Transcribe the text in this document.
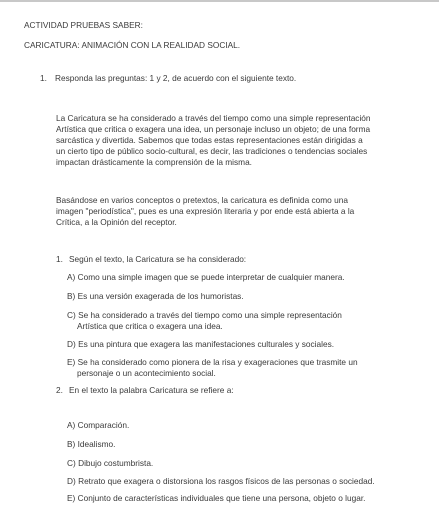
ACTIVIDAD PRUEBAS SABER:
CARICATURA: ANIMACIÓN CON LA REALIDAD SOCIAL.
1. Responda las preguntas: 1 y 2, de acuerdo con el siguiente texto.
La Caricatura se ha considerado a través del tiempo como una simple representación
Artística que critica o exagera una idea, un personaje incluso un objeto; de una forma
sarcástica y divertida. Sabemos que todas estas representaciones están dirigidas a
un cierto tipo de público socio-cultural, es decir, las tradiciones o tendencias sociales
impactan drásticamente la comprensión de la misma.
Basándose en varios conceptos o pretextos, la caricatura es definida como una
imagen "periodística", pues es una expresión literaria y por ende está abierta a la
Crítica, a la Opinión del receptor.
1. Según el texto, la Caricatura se ha considerado:
A) Como una simple imagen que se puede interpretar de cualquier manera.
B) Es una versión exagerada de los humoristas.
C) Se ha considerado a través del tiempo como una simple representación
Artística que critica o exagera una idea.
D) Es una pintura que exagera las manifestaciones culturales y sociales.
E) Se ha considerado como pionera de la risa y exageraciones que trasmite un
personaje o un acontecimiento social.
2. En el texto la palabra Caricatura se refiere a:
A) Comparación.
B) Idealismo.
C) Dibujo costumbrista.
D) Retrato que exagera o distorsiona los rasgos físicos de las personas o sociedad.
E) Conjunto de características individuales que tiene una persona, objeto o lugar.
